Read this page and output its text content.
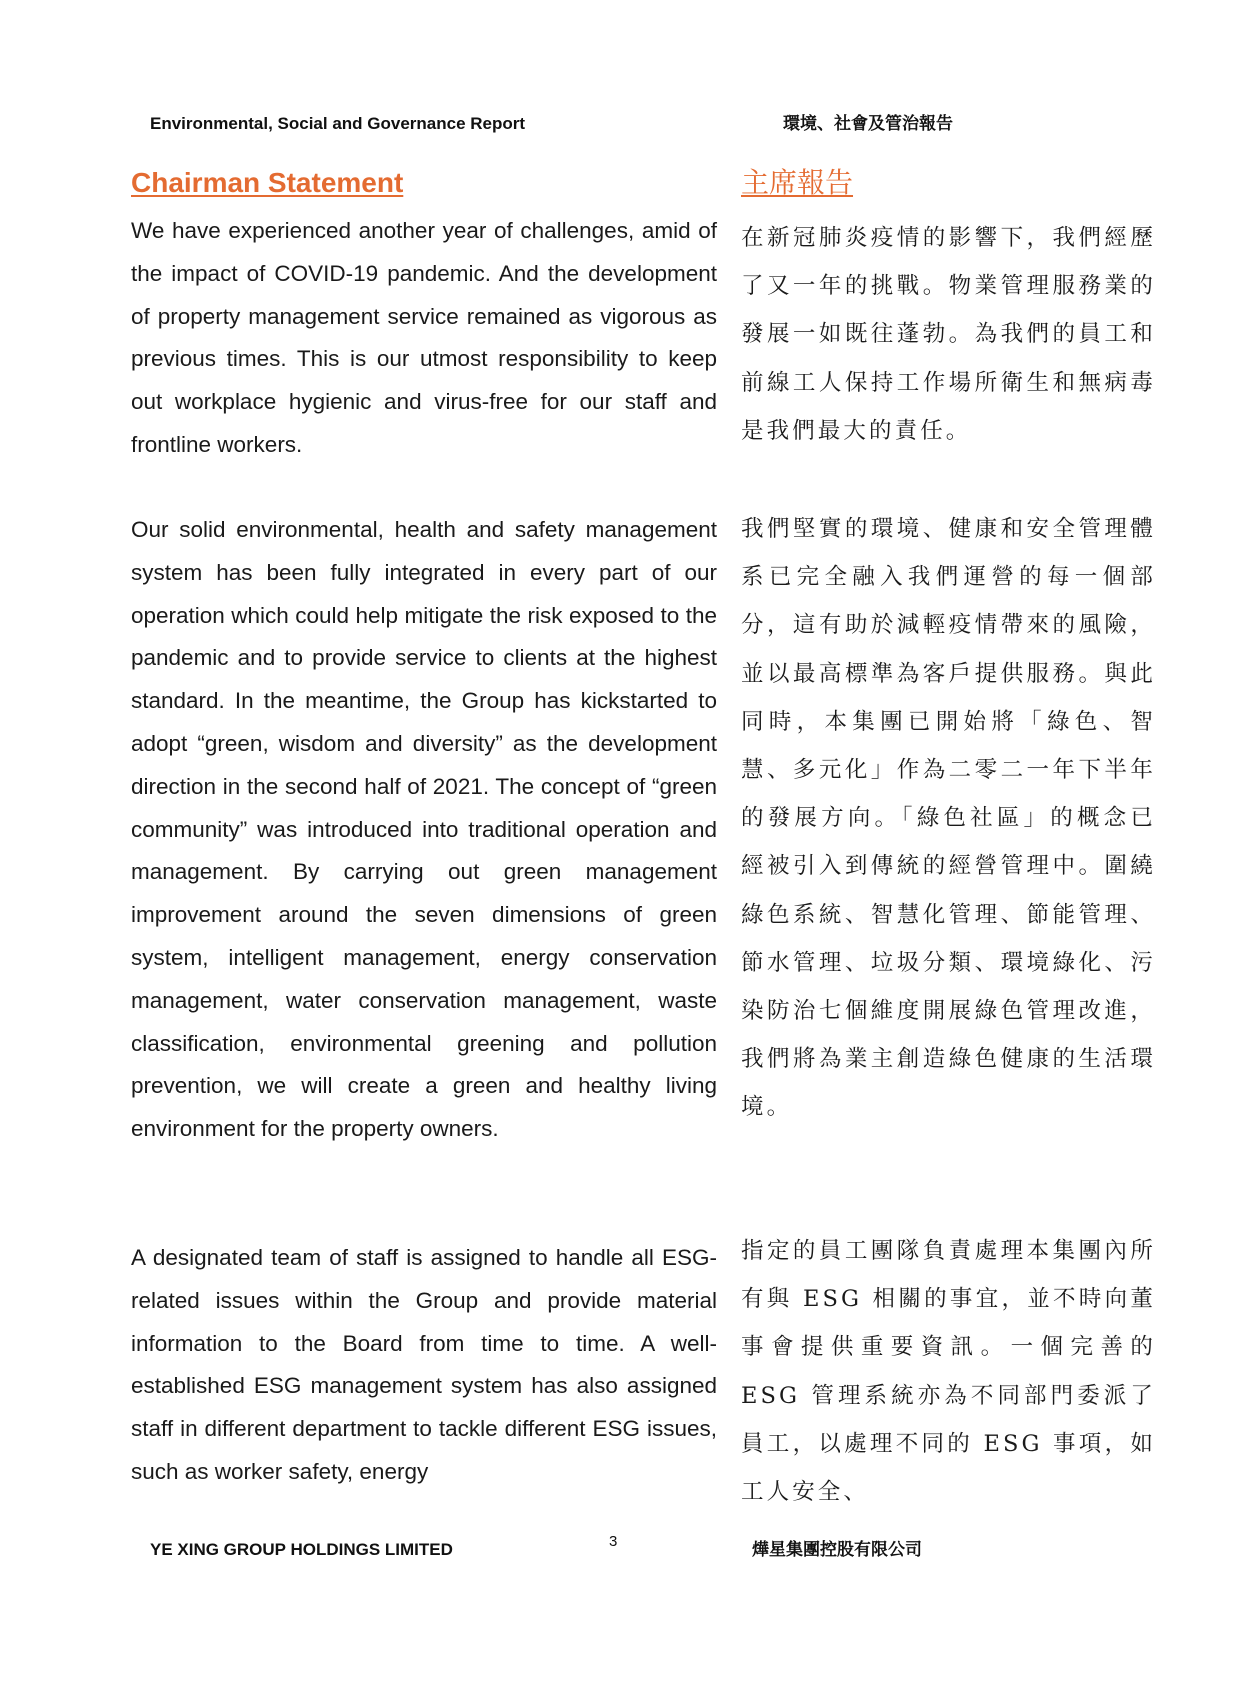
Environmental, Social and Governance Report	環境、社會及管治報告
Chairman Statement	主席報告

We have experienced another year of challenges, amid of the impact of COVID-19 pandemic. And the development of property management service remained as vigorous as previous times. This is our utmost responsibility to keep out workplace hygienic and virus-free for our staff and frontline workers.

Our solid environmental, health and safety management system has been fully integrated in every part of our operation which could help mitigate the risk exposed to the pandemic and to provide service to clients at the highest standard. In the meantime, the Group has kickstarted to adopt “green, wisdom and diversity” as the development direction in the second half of 2021. The concept of “green community” was introduced into traditional operation and management. By carrying out green management improvement around the seven dimensions of green system, intelligent management, energy conservation management, water conservation management, waste classification, environmental greening and pollution prevention, we will create a green and healthy living environment for the property owners.

A designated team of staff is assigned to handle all ESG-related issues within the Group and provide material information to the Board from time to time. A well-established ESG management system has also assigned staff in different department to tackle different ESG issues, such as worker safety, energy

在新冠肺炎疫情的影響下，我們經歷了又一年的挑戰。物業管理服務業的發展一如既往蓬勃。為我們的員工和前線工人保持工作場所衛生和無病毒是我們最大的責任。

我們堅實的環境、健康和安全管理體系已完全融入我們運營的每一個部分，這有助於減輕疫情帶來的風險，並以最高標準為客戶提供服務。與此同時，本集團已開始將「綠色、智慧、多元化」作為二零二一年下半年的發展方向。「綠色社區」的概念已經被引入到傳統的經營管理中。圍繞綠色系統、智慧化管理、節能管理、節水管理、垃圾分類、環境綠化、污染防治七個維度開展綠色管理改進，我們將為業主創造綠色健康的生活環境。

指定的員工團隊負責處理本集團內所有與 ESG 相關的事宜，並不時向董事會提供重要資訊。一個完善的 ESG 管理系統亦為不同部門委派了員工，以處理不同的 ESG 事項，如工人安全、

YE XING GROUP HOLDINGS LIMITED	3	燁星集團控股有限公司
